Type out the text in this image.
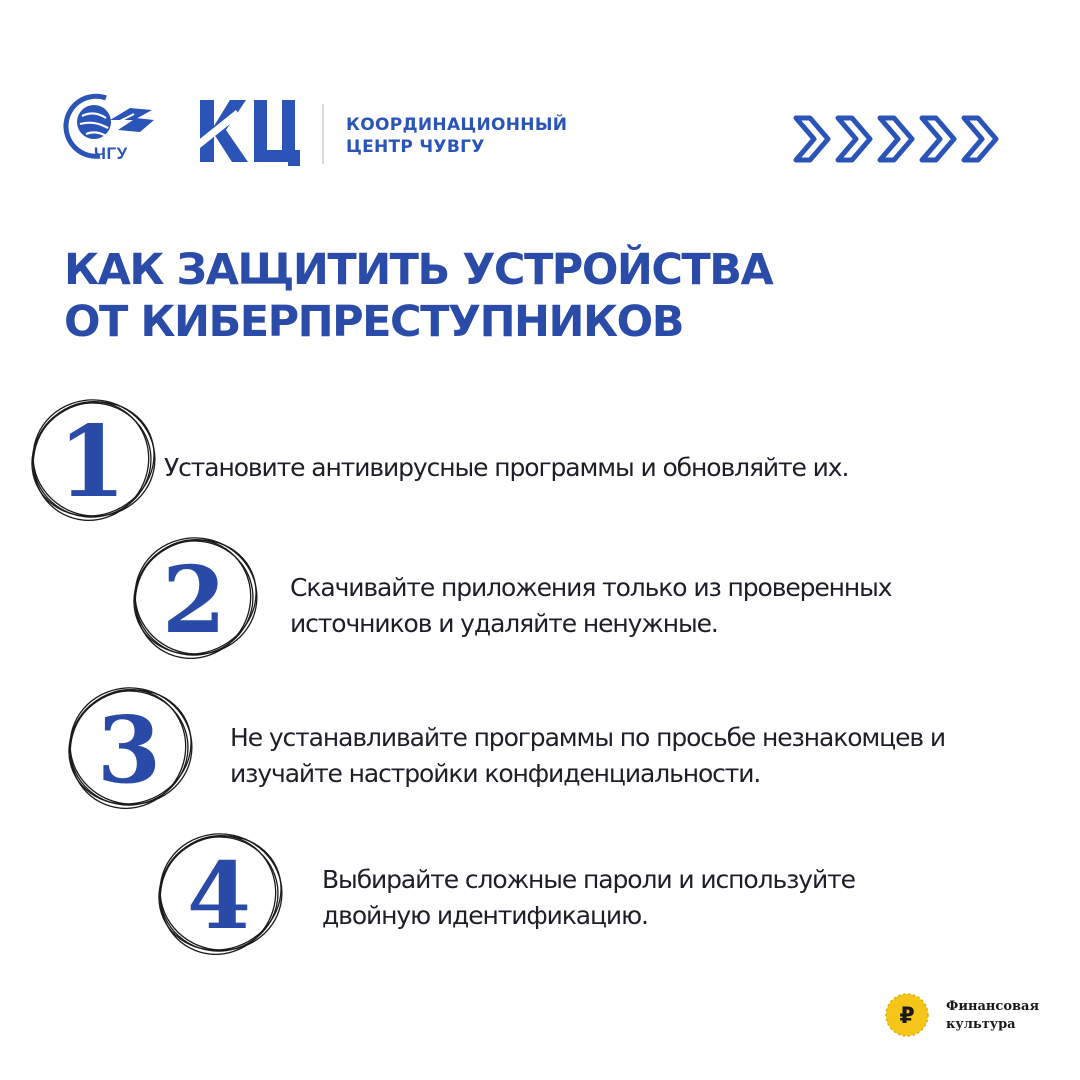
ЧГУ
КЦ
КООРДИНАЦИОННЫЙ
ЦЕНТР ЧУВГУ
КАК ЗАЩИТИТЬ УСТРОЙСТВА
ОТ КИБЕРПРЕСТУПНИКОВ
1
2
3
4
Установите антивирусные программы и обновляйте их.
Скачивайте приложения только из проверенных
источников и удаляйте ненужные.
Не устанавливайте программы по просьбе незнакомцев и
изучайте настройки конфиденциальности.
Выбирайте сложные пароли и используйте
двойную идентификацию.
₽ Финансовая
культура
